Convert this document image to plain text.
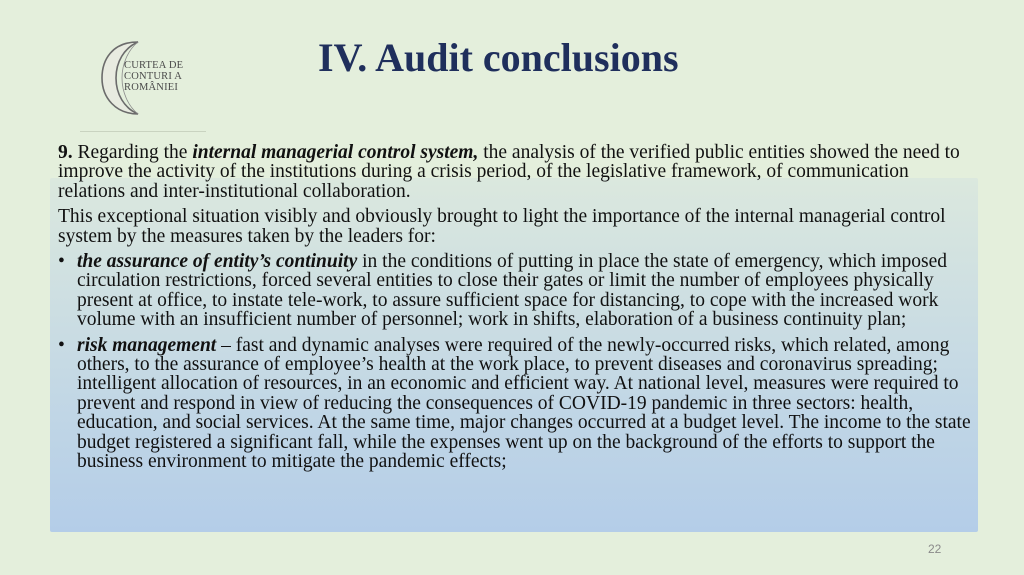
CURTEA DE
CONTURI A
ROMÂNIEI
IV. Audit conclusions

9. Regarding the internal managerial control system, the analysis of the verified public entities showed the need to improve the activity of the institutions during a crisis period, of the legislative framework, of communication relations and inter-institutional collaboration.

This exceptional situation visibly and obviously brought to light the importance of the internal managerial control system by the measures taken by the leaders for:

• the assurance of entity’s continuity in the conditions of putting in place the state of emergency, which imposed circulation restrictions, forced several entities to close their gates or limit the number of employees physically present at office, to instate tele-work, to assure sufficient space for distancing, to cope with the increased work volume with an insufficient number of personnel; work in shifts, elaboration of a business continuity plan;
• risk management – fast and dynamic analyses were required of the newly-occurred risks, which related, among others, to the assurance of employee’s health at the work place, to prevent diseases and coronavirus spreading; intelligent allocation of resources, in an economic and efficient way. At national level, measures were required to prevent and respond in view of reducing the consequences of COVID-19 pandemic in three sectors: health, education, and social services. At the same time, major changes occurred at a budget level. The income to the state budget registered a significant fall, while the expenses went up on the background of the efforts to support the business environment to mitigate the pandemic effects;
22
